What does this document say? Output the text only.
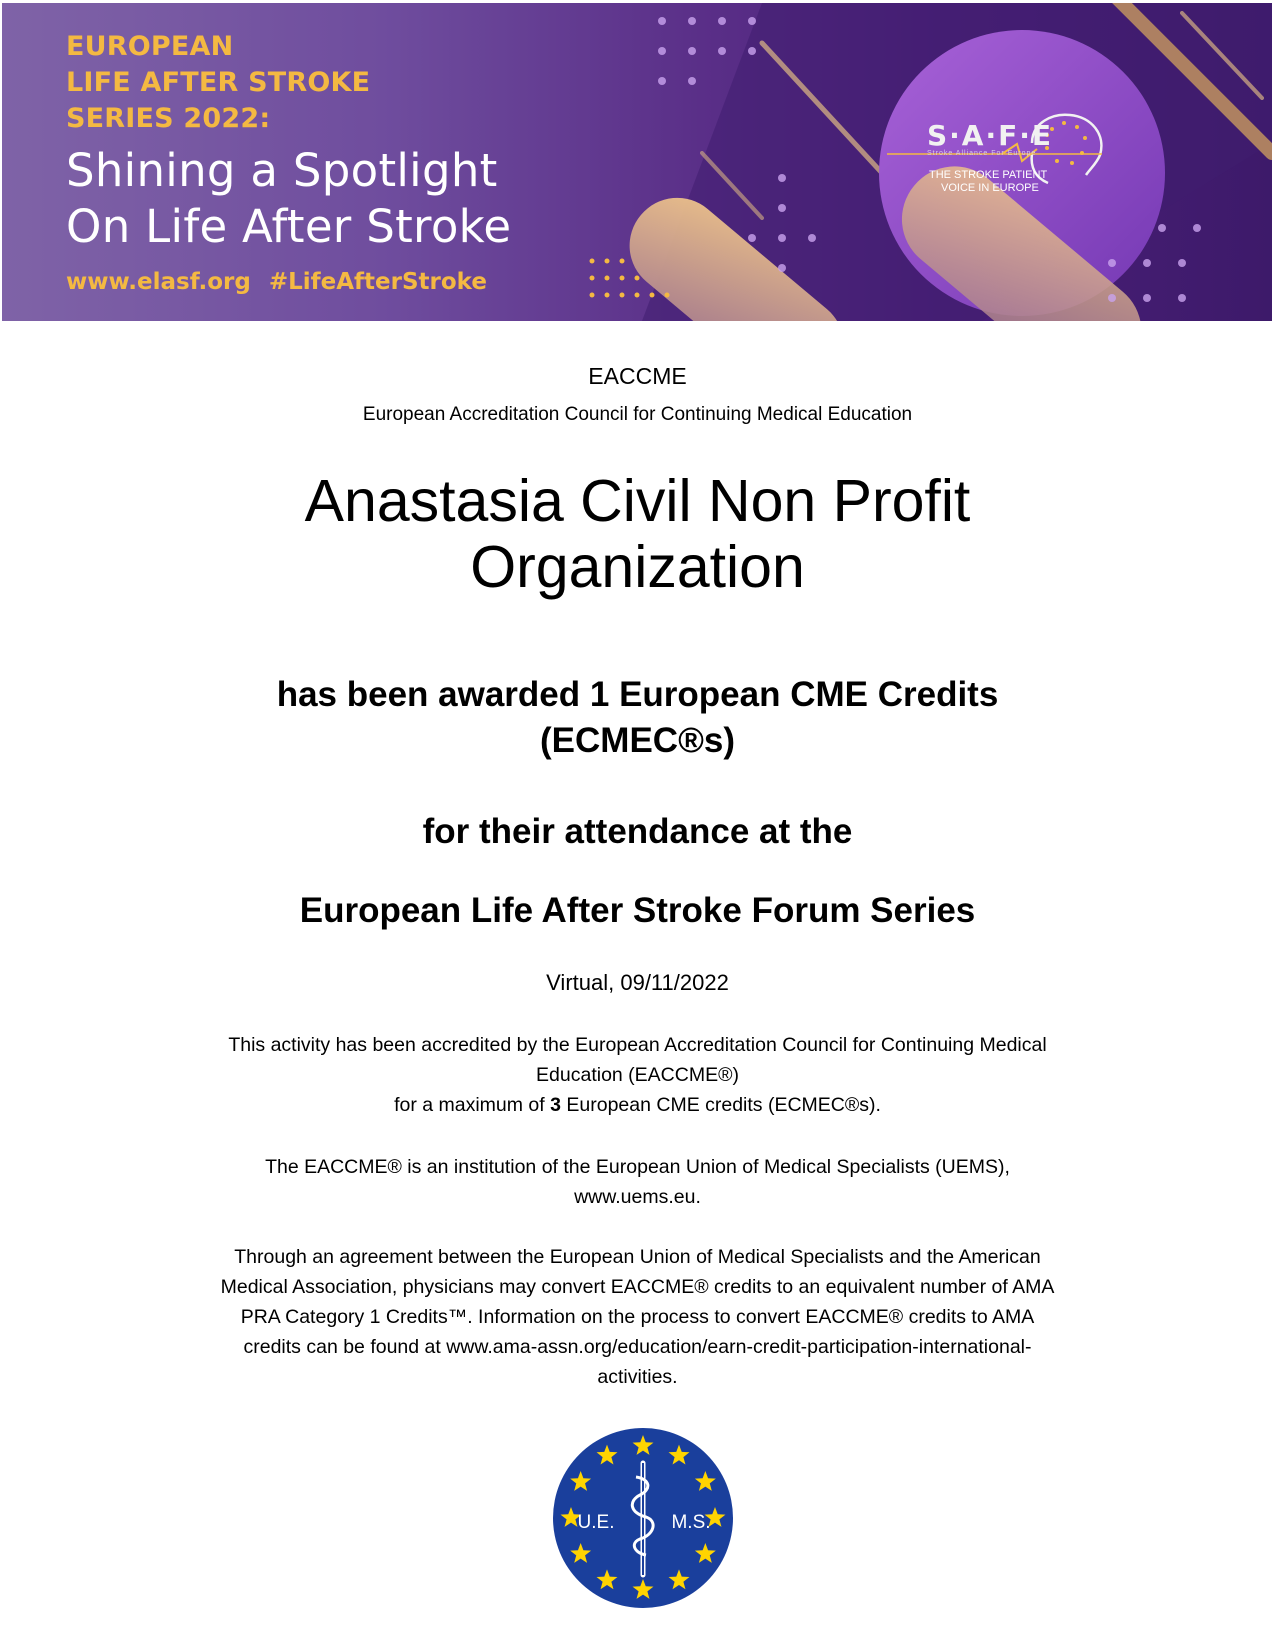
EUROPEAN
LIFE AFTER STROKE
SERIES 2022:
Shining a Spotlight
On Life After Stroke
www.elasf.org #LifeAfterStroke
S·A·F·E
Stroke Alliance For Europe
THE STROKE PATIENT
VOICE IN EUROPE
EACCME
European Accreditation Council for Continuing Medical Education
Anastasia Civil Non Profit
Organization
has been awarded 1 European CME Credits
(ECMEC®s)
for their attendance at the
European Life After Stroke Forum Series
Virtual, 09/11/2022
This activity has been accredited by the European Accreditation Council for Continuing Medical
Education (EACCME®)
for a maximum of 3 European CME credits (ECMEC®s).
The EACCME® is an institution of the European Union of Medical Specialists (UEMS),
www.uems.eu.
Through an agreement between the European Union of Medical Specialists and the American
Medical Association, physicians may convert EACCME® credits to an equivalent number of AMA
PRA Category 1 Credits™. Information on the process to convert EACCME® credits to AMA
credits can be found at www.ama-assn.org/education/earn-credit-participation-international-
activities.
U.E.	M.S.
